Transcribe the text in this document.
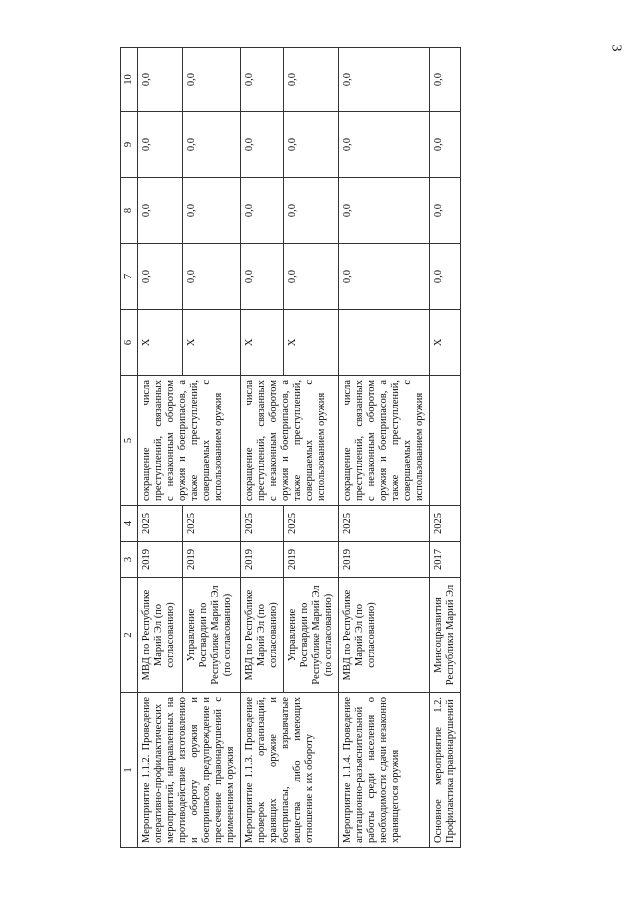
3
1	2	3	4	5	6	7	8	9	10
Мероприятие 1.1.2. Проведение оперативно-профилактических мероприятий, направленных на противодействие изготовлению и обороту оружия и боеприпасов, предупреждение и пресечение правонарушений с применением оружия	МВД по Республике Марий Эл (по согласованию)	2019	2025	сокращение числа преступлений, связанных с незаконным оборотом оружия и боеприпасов, а также преступлений, совершаемых с использованием оружия	X	0,0	0,0	0,0	0,0
	Управление Росгвардии по Республике Марий Эл (по согласованию)	2019	2025		X	0,0	0,0	0,0	0,0
Мероприятие 1.1.3. Проведение проверок организаций, хранящих оружие и боеприпасы, взрывчатые вещества либо имеющих отношение к их обороту	МВД по Республике Марий Эл (по согласованию)	2019	2025	сокращение числа преступлений, связанных с незаконным оборотом оружия и боеприпасов, а также преступлений, совершаемых с использованием оружия	X	0,0	0,0	0,0	0,0
	Управление Росгвардии по Республике Марий Эл (по согласованию)	2019	2025		X	0,0	0,0	0,0	0,0
Мероприятие 1.1.4. Проведение агитационно-разъяснительной работы среди населения о необходимости сдачи незаконно хранящегося оружия	МВД по Республике Марий Эл (по согласованию)	2019	2025	сокращение числа преступлений, связанных с незаконным оборотом оружия и боеприпасов, а также преступлений, совершаемых с использованием оружия		0,0	0,0	0,0	0,0
Основное мероприятие 1.2. Профилактика правонарушений	Минсоцразвития Республики Марий Эл	2017	2025		X	0,0	0,0	0,0	0,0
